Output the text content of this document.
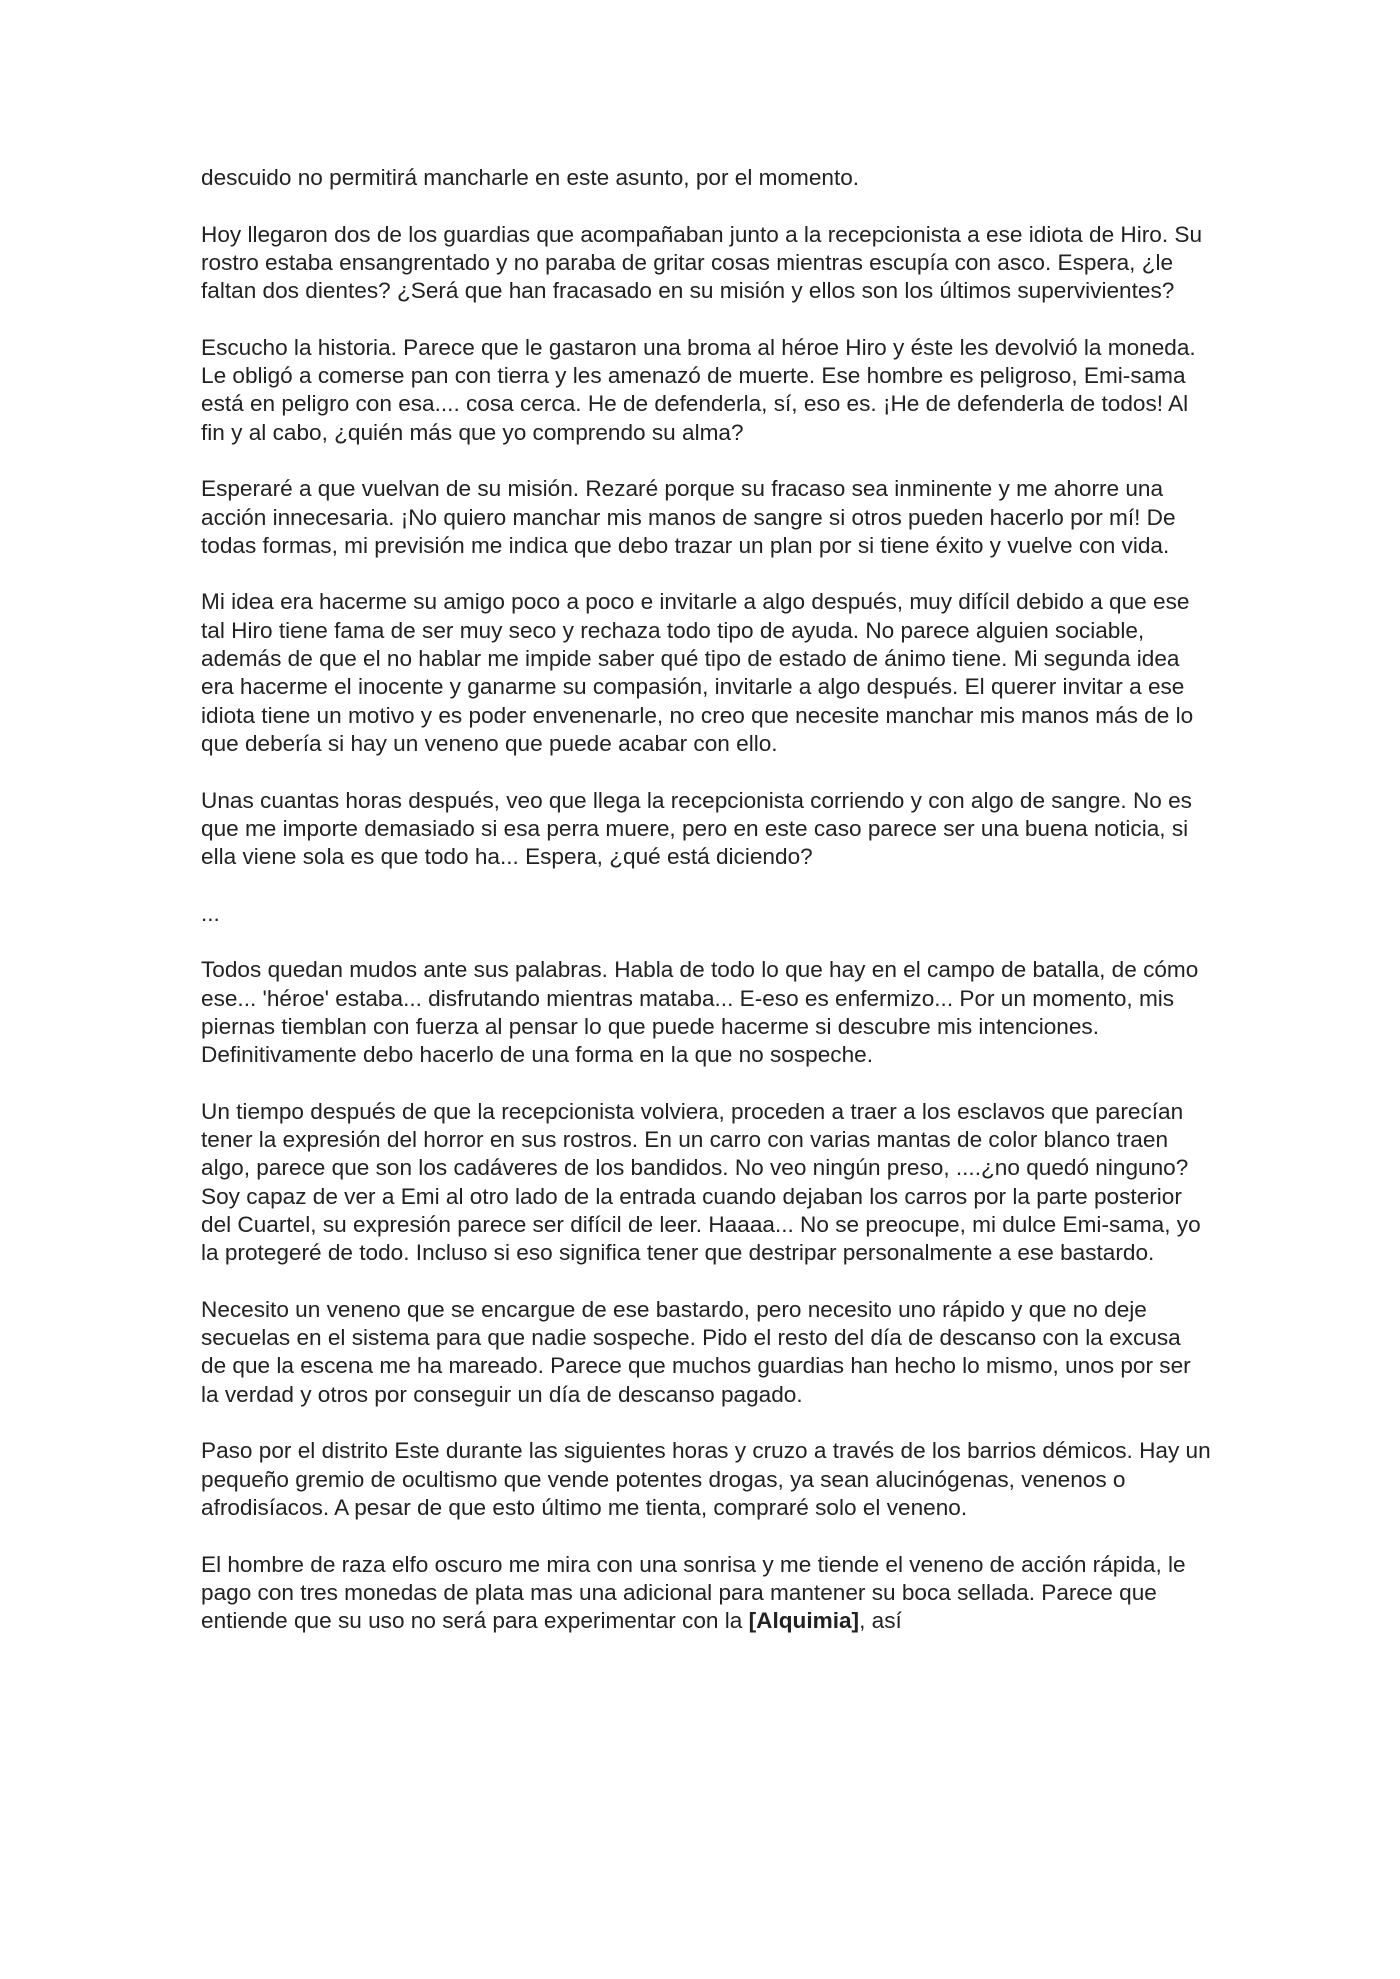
descuido no permitirá mancharle en este asunto, por el momento.

Hoy llegaron dos de los guardias que acompañaban junto a la recepcionista a ese idiota de Hiro. Su rostro estaba ensangrentado y no paraba de gritar cosas mientras escupía con asco. Espera, ¿le faltan dos dientes? ¿Será que han fracasado en su misión y ellos son los últimos supervivientes?

Escucho la historia. Parece que le gastaron una broma al héroe Hiro y éste les devolvió la moneda. Le obligó a comerse pan con tierra y les amenazó de muerte. Ese hombre es peligroso, Emi-sama está en peligro con esa.... cosa cerca. He de defenderla, sí, eso es. ¡He de defenderla de todos! Al fin y al cabo, ¿quién más que yo comprendo su alma?

Esperaré a que vuelvan de su misión. Rezaré porque su fracaso sea inminente y me ahorre una acción innecesaria. ¡No quiero manchar mis manos de sangre si otros pueden hacerlo por mí! De todas formas, mi previsión me indica que debo trazar un plan por si tiene éxito y vuelve con vida.

Mi idea era hacerme su amigo poco a poco e invitarle a algo después, muy difícil debido a que ese tal Hiro tiene fama de ser muy seco y rechaza todo tipo de ayuda. No parece alguien sociable, además de que el no hablar me impide saber qué tipo de estado de ánimo tiene. Mi segunda idea era hacerme el inocente y ganarme su compasión, invitarle a algo después. El querer invitar a ese idiota tiene un motivo y es poder envenenarle, no creo que necesite manchar mis manos más de lo que debería si hay un veneno que puede acabar con ello.

Unas cuantas horas después, veo que llega la recepcionista corriendo y con algo de sangre. No es que me importe demasiado si esa perra muere, pero en este caso parece ser una buena noticia, si ella viene sola es que todo ha... Espera, ¿qué está diciendo?

...

Todos quedan mudos ante sus palabras. Habla de todo lo que hay en el campo de batalla, de cómo ese... 'héroe' estaba... disfrutando mientras mataba... E-eso es enfermizo... Por un momento, mis piernas tiemblan con fuerza al pensar lo que puede hacerme si descubre mis intenciones. Definitivamente debo hacerlo de una forma en la que no sospeche.

Un tiempo después de que la recepcionista volviera, proceden a traer a los esclavos que parecían tener la expresión del horror en sus rostros. En un carro con varias mantas de color blanco traen algo, parece que son los cadáveres de los bandidos. No veo ningún preso, ....¿no quedó ninguno? Soy capaz de ver a Emi al otro lado de la entrada cuando dejaban los carros por la parte posterior del Cuartel, su expresión parece ser difícil de leer. Haaaa... No se preocupe, mi dulce Emi-sama, yo la protegeré de todo. Incluso si eso significa tener que destripar personalmente a ese bastardo.

Necesito un veneno que se encargue de ese bastardo, pero necesito uno rápido y que no deje secuelas en el sistema para que nadie sospeche. Pido el resto del día de descanso con la excusa de que la escena me ha mareado. Parece que muchos guardias han hecho lo mismo, unos por ser la verdad y otros por conseguir un día de descanso pagado.

Paso por el distrito Este durante las siguientes horas y cruzo a través de los barrios démicos. Hay un pequeño gremio de ocultismo que vende potentes drogas, ya sean alucinógenas, venenos o afrodisíacos. A pesar de que esto último me tienta, compraré solo el veneno.

El hombre de raza elfo oscuro me mira con una sonrisa y me tiende el veneno de acción rápida, le pago con tres monedas de plata mas una adicional para mantener su boca sellada. Parece que entiende que su uso no será para experimentar con la [Alquimia], así
